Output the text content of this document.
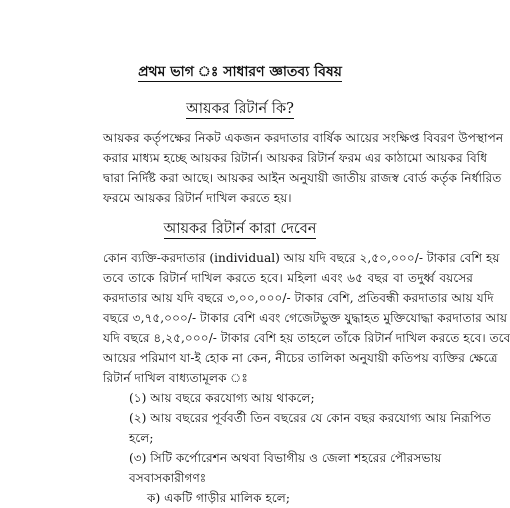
প্রথম ভাগ ঃ সাধারণ জ্ঞাতব্য বিষয়
আয়কর রিটার্ন কি?
আয়কর কর্তৃপক্ষের নিকট একজন করদাতার বার্ষিক আয়ের সংক্ষিপ্ত বিবরণ উপস্থাপন
করার মাধ্যম হচ্ছে আয়কর রিটার্ন। আয়কর রিটার্ন ফরম এর কাঠামো আয়কর বিধি
দ্বারা নির্দিষ্ট করা আছে। আয়কর আইন অনুযায়ী জাতীয় রাজস্ব বোর্ড কর্তৃক নির্ধারিত
ফরমে আয়কর রিটার্ন দাখিল করতে হয়।
আয়কর রিটার্ন কারা দেবেন
কোন ব্যক্তি-করদাতার (individual) আয় যদি বছরে ২,৫০,০০০/- টাকার বেশি হয়
তবে তাকে রিটার্ন দাখিল করতে হবে। মহিলা এবং ৬৫ বছর বা তদুর্ধ্ব বয়সের
করদাতার আয় যদি বছরে ৩,০০,০০০/- টাকার বেশি, প্রতিবন্ধী করদাতার আয় যদি
বছরে ৩,৭৫,০০০/- টাকার বেশি এবং গেজেটভুক্ত যুদ্ধাহত মুক্তিযোদ্ধা করদাতার আয়
যদি বছরে ৪,২৫,০০০/- টাকার বেশি হয় তাহলে তাঁকে রিটার্ন দাখিল করতে হবে। তবে
আয়ের পরিমাণ যা-ই হোক না কেন, নীচের তালিকা অনুযায়ী কতিপয় ব্যক্তির ক্ষেত্রে
রিটার্ন দাখিল বাধ্যতামূলক ঃ
(১) আয় বছরে করযোগ্য আয় থাকলে;
(২) আয় বছরের পূর্ববর্তী তিন বছরের যে কোন বছর করযোগ্য আয় নিরূপিত
হলে;
(৩) সিটি কর্পোরেশন অথবা বিভাগীয় ও জেলা শহরের পৌরসভায়
বসবাসকারীগণঃ
ক) একটি গাড়ীর মালিক হলে;
